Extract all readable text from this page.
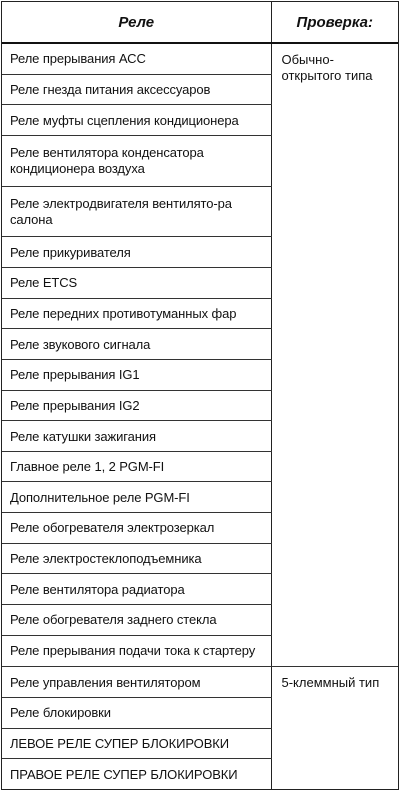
Реле	Проверка:
Реле прерывания АСС	Обычно-открытого типа
Реле гнезда питания аксессуаров	
Реле муфты сцепления кондиционера	
Реле вентилятора конденсатора кондиционера воздуха	
Реле электродвигателя вентилято-ра салона	
Реле прикуривателя	
Реле ETCS	
Реле передних противотуманных фар	
Реле звукового сигнала	
Реле прерывания IG1	
Реле прерывания IG2	
Реле катушки зажигания	
Главное реле 1, 2 PGM-FI	
Дополнительное реле PGM-FI	
Реле обогревателя электрозеркал	
Реле электростеклоподъемника	
Реле вентилятора радиатора	
Реле обогревателя заднего стекла	
Реле прерывания подачи тока к стартеру	
Реле управления вентилятором	5-клеммный тип
Реле блокировки	
ЛЕВОЕ РЕЛЕ СУПЕР БЛОКИРОВКИ	
ПРАВОЕ РЕЛЕ СУПЕР БЛОКИРОВКИ	
